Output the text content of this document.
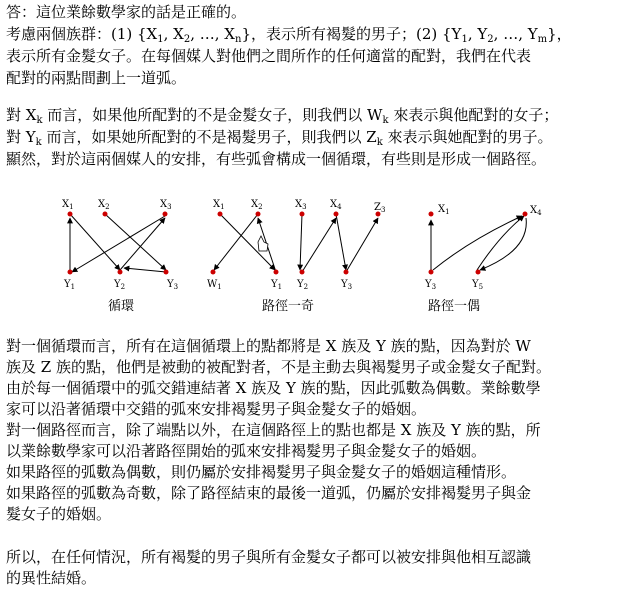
答：這位業餘數學家的話是正確的。
考慮兩個族群：(1) {$X_1$, $X_2$, …, $X_n$}，表示所有褐髮的男子；(2) {$Y_1$, $Y_2$, …, $Y_m$}，
表示所有金髮女子。在每個媒人對他們之間所作的任何適當的配對，我們在代表
配對的兩點間劃上一道弧。
對 $X_k$ 而言，如果他所配對的不是金髮女子，則我們以 $W_k$ 來表示與他配對的女子；
對 $Y_k$ 而言，如果她所配對的不是褐髮男子，則我們以 $Z_k$ 來表示與她配對的男子。
顯然，對於這兩個媒人的安排，有些弧會構成一個循環，有些則是形成一個路徑。
$X_1$ $X_2$	$X_3$
$Y_1$	$Y_2$	$Y_3$
循環
$X_1$	$X_2$	$X_3$ $X_4$	$Z_3$
$W_1$	$Y_1$ $Y_2$	$Y_3$
路徑一奇
$X_1$	$X_4$
$Y_3$	$Y_5$
路徑一偶
對一個循環而言，所有在這個循環上的點都將是 X 族及 Y 族的點，因為對於 W
族及 Z 族的點，他們是被動的被配對者，不是主動去與褐髮男子或金髮女子配對。
由於每一個循環中的弧交錯連結著 X 族及 Y 族的點，因此弧數為偶數。業餘數學
家可以沿著循環中交錯的弧來安排褐髮男子與金髮女子的婚姻。
對一個路徑而言，除了端點以外，在這個路徑上的點也都是 X 族及 Y 族的點，所
以業餘數學家可以沿著路徑開始的弧來安排褐髮男子與金髮女子的婚姻。
如果路徑的弧數為偶數，則仍屬於安排褐髮男子與金髮女子的婚姻這種情形。
如果路徑的弧數為奇數，除了路徑結束的最後一道弧，仍屬於安排褐髮男子與金
髮女子的婚姻。
所以，在任何情況，所有褐髮的男子與所有金髮女子都可以被安排與他相互認識
的異性結婚。
